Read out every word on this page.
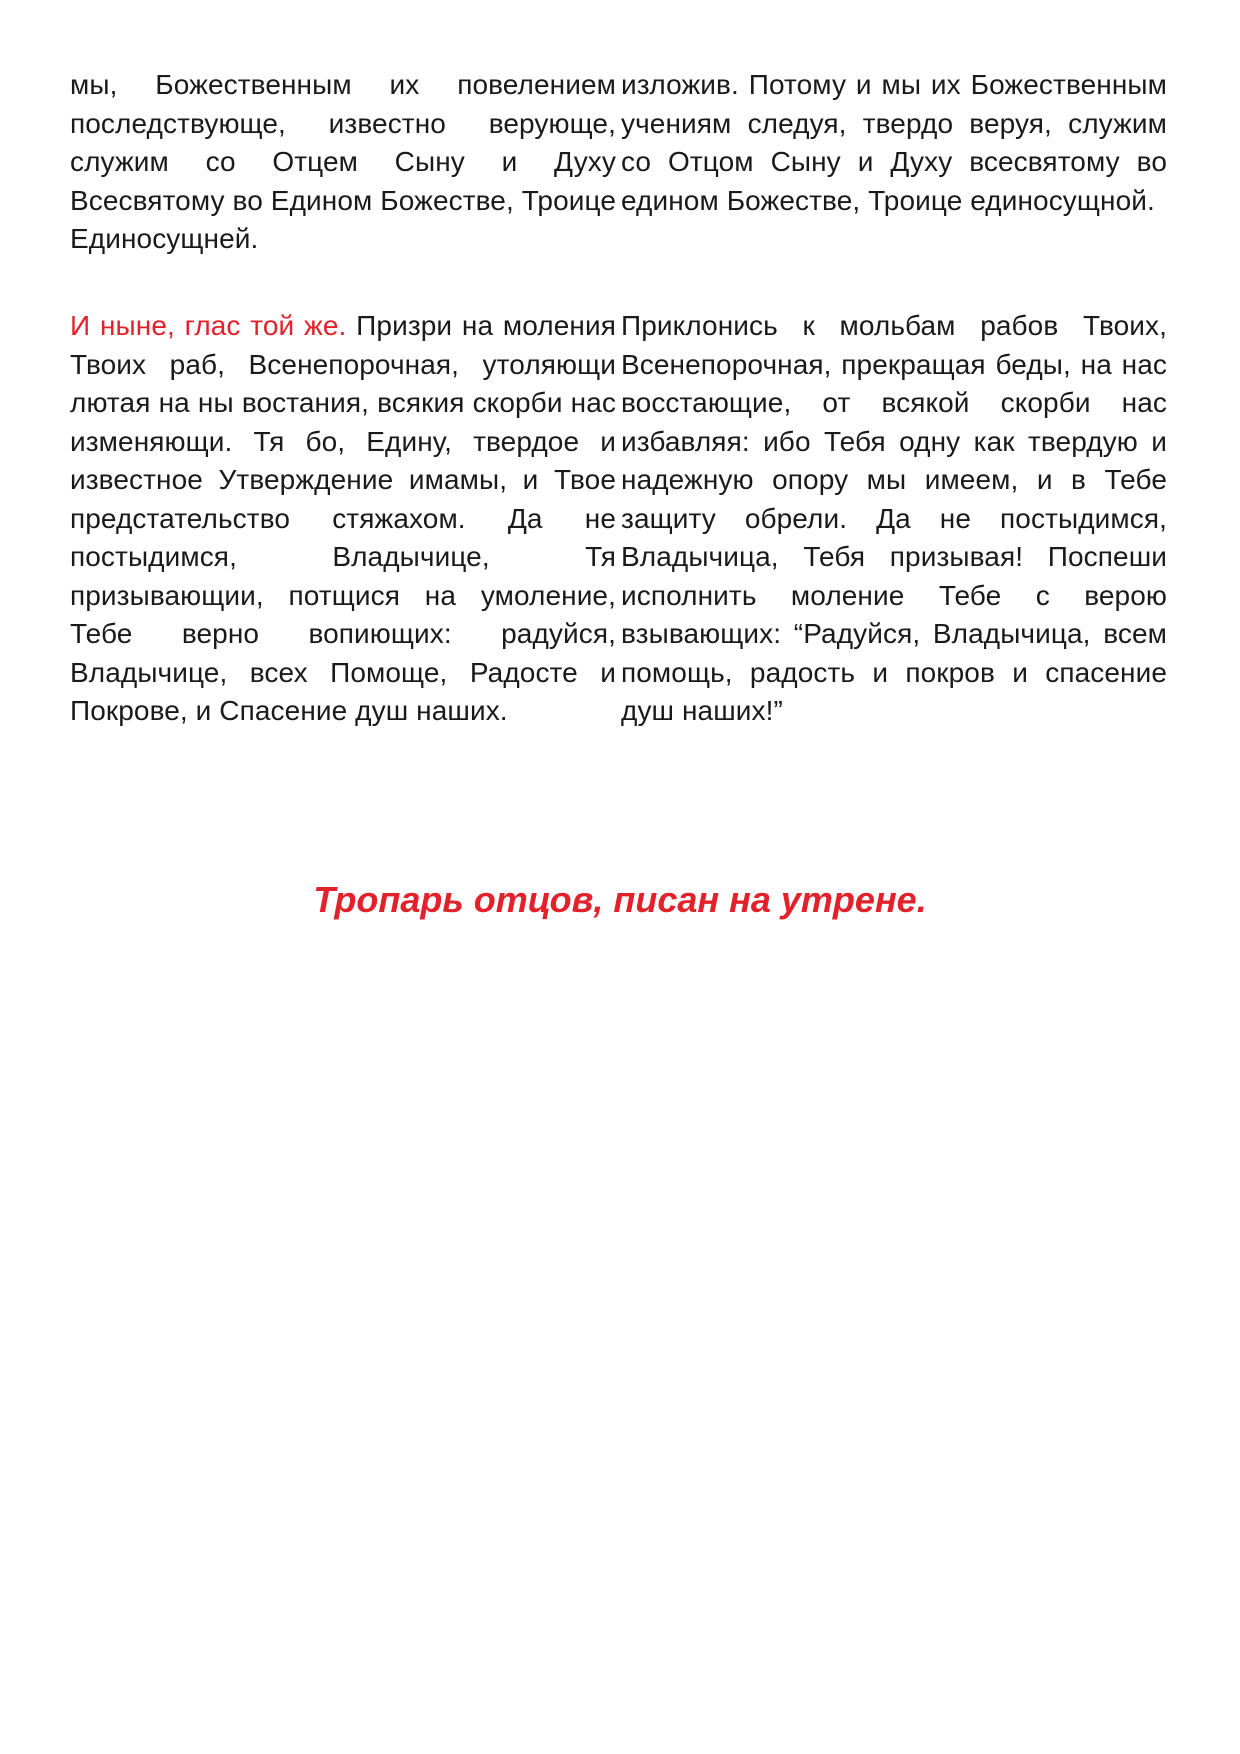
мы, Божественным их повелением последствующе, известно верующе, служим со Отцем Сыну и Духу Всесвятому во Едином Божестве, Троице Единосущней.

изложив. Потому и мы их Божественным учениям следуя, твердо веруя, служим со Отцом Сыну и Духу всесвятому во едином Божестве, Троице единосущной.

И ныне, глас той же. Призри на моления Твоих раб, Всенепорочная, утоляющи лютая на ны востания, всякия скорби нас изменяющи. Тя бо, Едину, твердое и известное Утверждение имамы, и Твое предстательство стяжахом. Да не постыдимся, Владычице, Тя призывающии, потщися на умоление, Тебе верно вопиющих: радуйся, Владычице, всех Помоще, Радосте и Покрове, и Спасение душ наших.

Приклонись к мольбам рабов Твоих, Всенепорочная, прекращая беды, на нас восстающие, от всякой скорби нас избавляя: ибо Тебя одну как твердую и надежную опору мы имеем, и в Тебе защиту обрели. Да не постыдимся, Владычица, Тебя призывая! Поспеши исполнить моление Тебе с верою взывающих: “Радуйся, Владычица, всем помощь, радость и покров и спасение душ наших!”

Тропарь отцов, писан на утрене.
